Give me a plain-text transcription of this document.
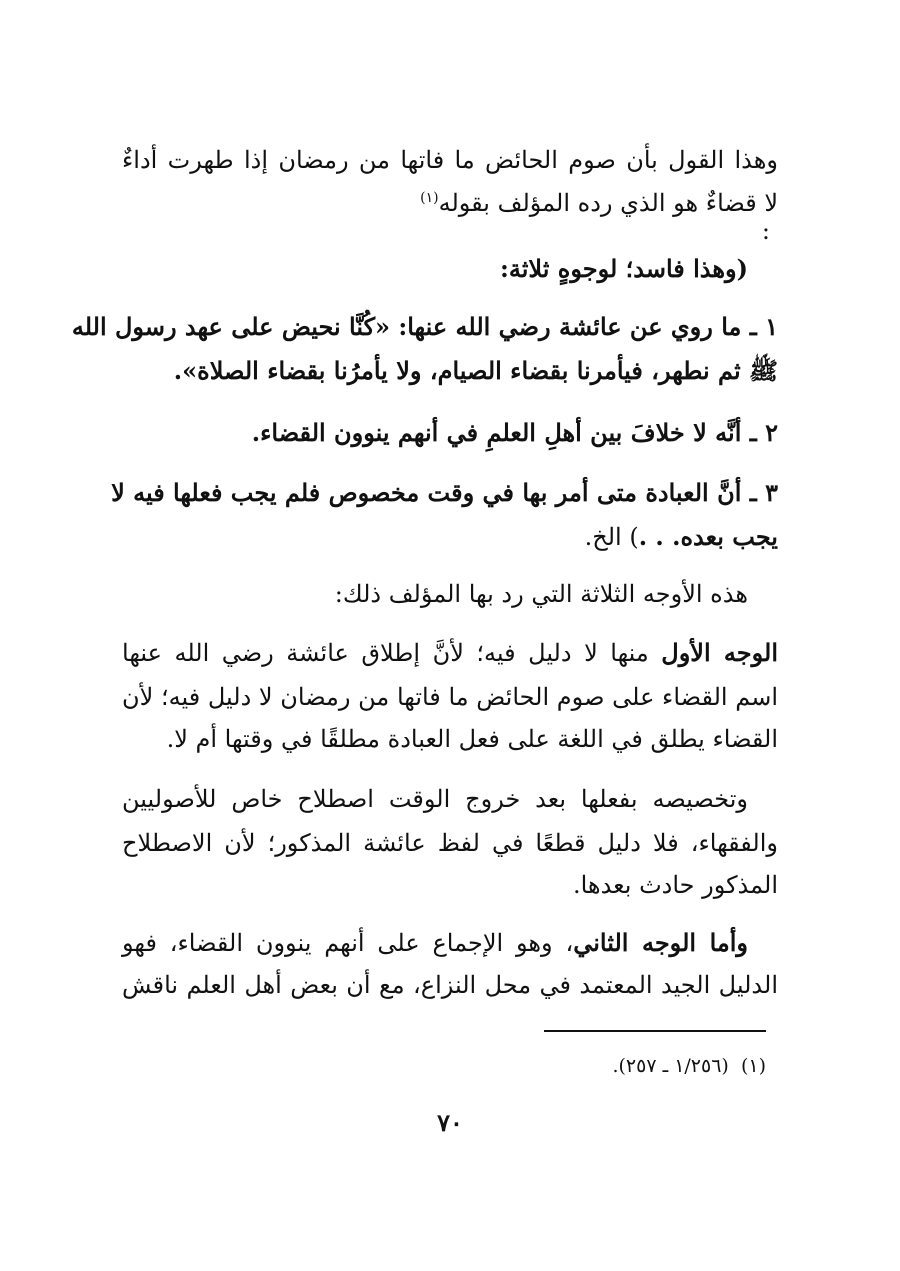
وهذا القول بأن صوم الحائض ما فاتها من رمضان إذا طهرت أداءٌ
لا قضاءٌ هو الذي رده المؤلف بقوله$^{(١)}$
:
(وهذا فاسد؛ لوجوهٍ ثلاثة:
١ ـ ما روي عن عائشة رضي الله عنها: «كُنَّا نحيض على عهد رسول الله
ﷺ ثم نطهر، فيأمرنا بقضاء الصيام، ولا يأمرُنا بقضاء الصلاة».
٢ ـ أنَّه لا خلافَ بين أهلِ العلمِ في أنهم ينوون القضاء.
٣ ـ أنَّ العبادة متى أمر بها في وقت مخصوص فلم يجب فعلها فيه لا
يجب بعده. . .) الخ.
هذه الأوجه الثلاثة التي رد بها المؤلف ذلك:
الوجه الأول منها لا دليل فيه؛ لأنَّ إطلاق عائشة رضي الله عنها
اسم القضاء على صوم الحائض ما فاتها من رمضان لا دليل فيه؛ لأن
القضاء يطلق في اللغة على فعل العبادة مطلقًا في وقتها أم لا.
وتخصيصه بفعلها بعد خروج الوقت اصطلاح خاص للأصوليين
والفقهاء، فلا دليل قطعًا في لفظ عائشة المذكور؛ لأن الاصطلاح
المذكور حادث بعدها.
وأما الوجه الثاني، وهو الإجماع على أنهم ينوون القضاء، فهو
الدليل الجيد المعتمد في محل النزاع، مع أن بعض أهل العلم ناقش
(١)  (١/٢٥٦ ـ ٢٥٧).
٧٠
